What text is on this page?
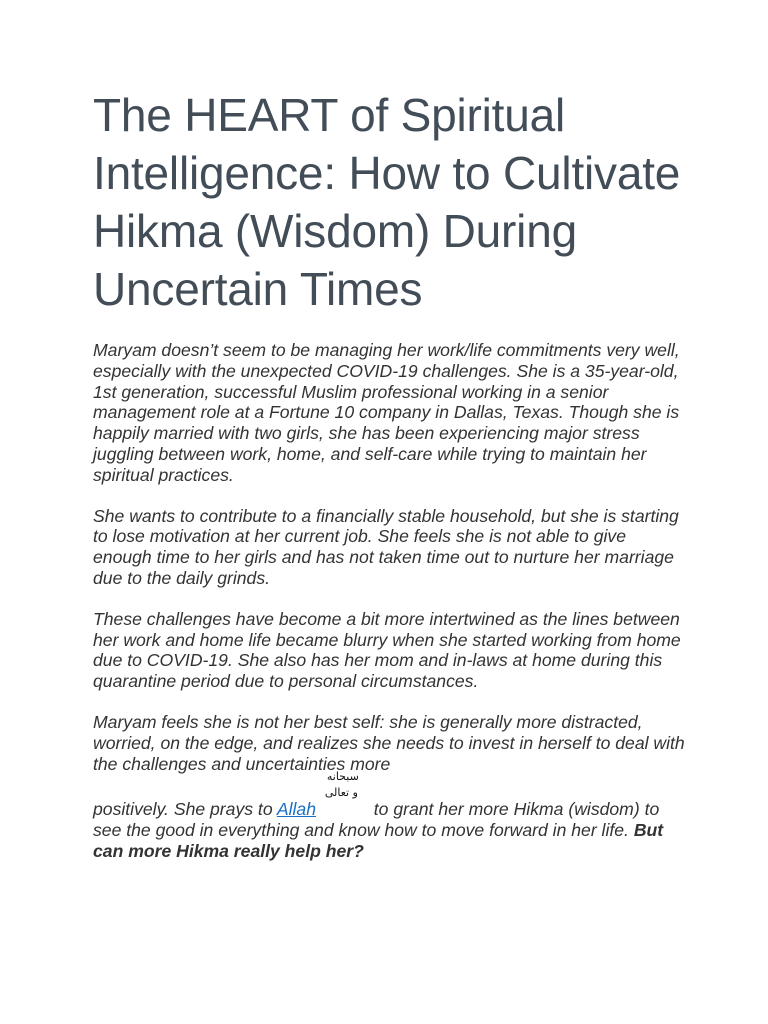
The HEART of Spiritual Intelligence: How to Cultivate Hikma (Wisdom) During Uncertain Times

Maryam doesn’t seem to be managing her work/life commitments very well, especially with the unexpected COVID-19 challenges. She is a 35-year-old, 1st generation, successful Muslim professional working in a senior management role at a Fortune 10 company in Dallas, Texas. Though she is happily married with two girls, she has been experiencing major stress juggling between work, home, and self-care while trying to maintain her spiritual practices.

She wants to contribute to a financially stable household, but she is starting to lose motivation at her current job. She feels she is not able to give enough time to her girls and has not taken time out to nurture her marriage due to the daily grinds.

These challenges have become a bit more intertwined as the lines between her work and home life became blurry when she started working from home due to COVID-19. She also has her mom and in-laws at home during this quarantine period due to personal circumstances.

Maryam feels she is not her best self: she is generally more distracted, worried, on the edge, and realizes she needs to invest in herself to deal with the challenges and uncertainties more
positively. She prays to Allah
سبحانه
و تعالى
to grant her more Hikma (wisdom) to see the good in everything and know how to move forward in her life. But can more Hikma really help her?
